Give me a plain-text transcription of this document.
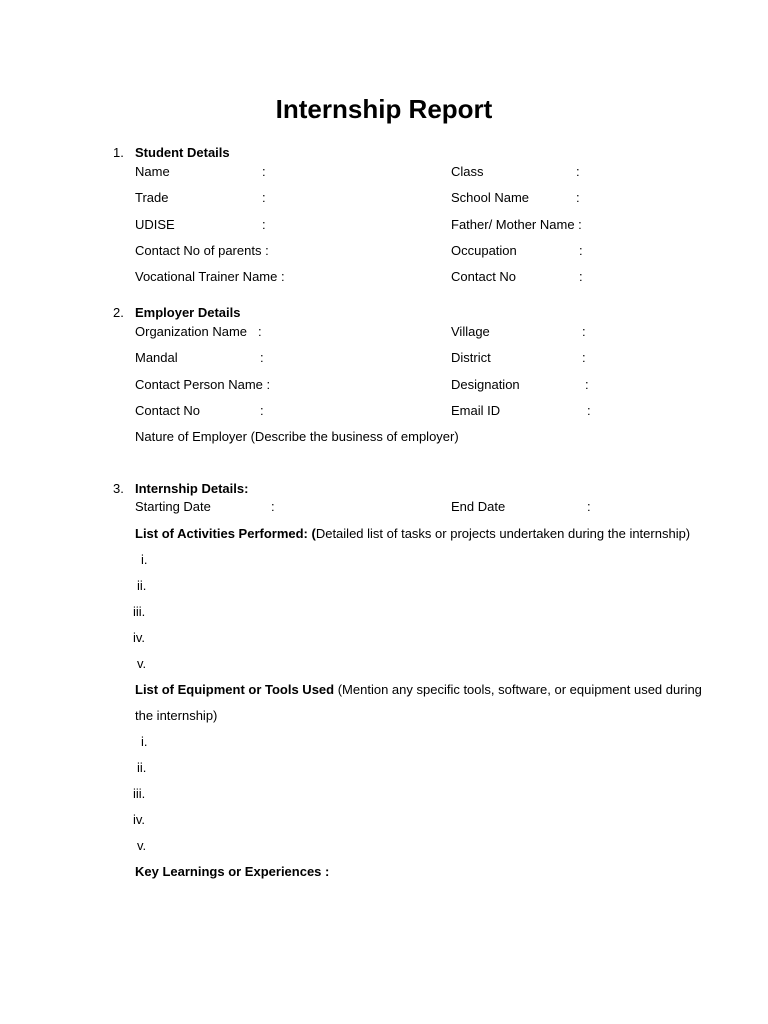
Internship Report
1. Student Details
Name	:	Class	:
Trade	:	School Name	:
UDISE	:	Father/ Mother Name :
Contact No of parents :	Occupation	:
Vocational Trainer Name :	Contact No	:
2. Employer Details
Organization Name :	Village	:
Mandal	:	District	:
Contact Person Name :	Designation	:
Contact No	:	Email ID	:
Nature of Employer (Describe the business of employer)
3. Internship Details:
Starting Date	:	End Date	:
List of Activities Performed: (Detailed list of tasks or projects undertaken during the internship)
i.
ii.
iii.
iv.
v.
List of Equipment or Tools Used (Mention any specific tools, software, or equipment used during
the internship)
i.
ii.
iii.
iv.
v.
Key Learnings or Experiences :
